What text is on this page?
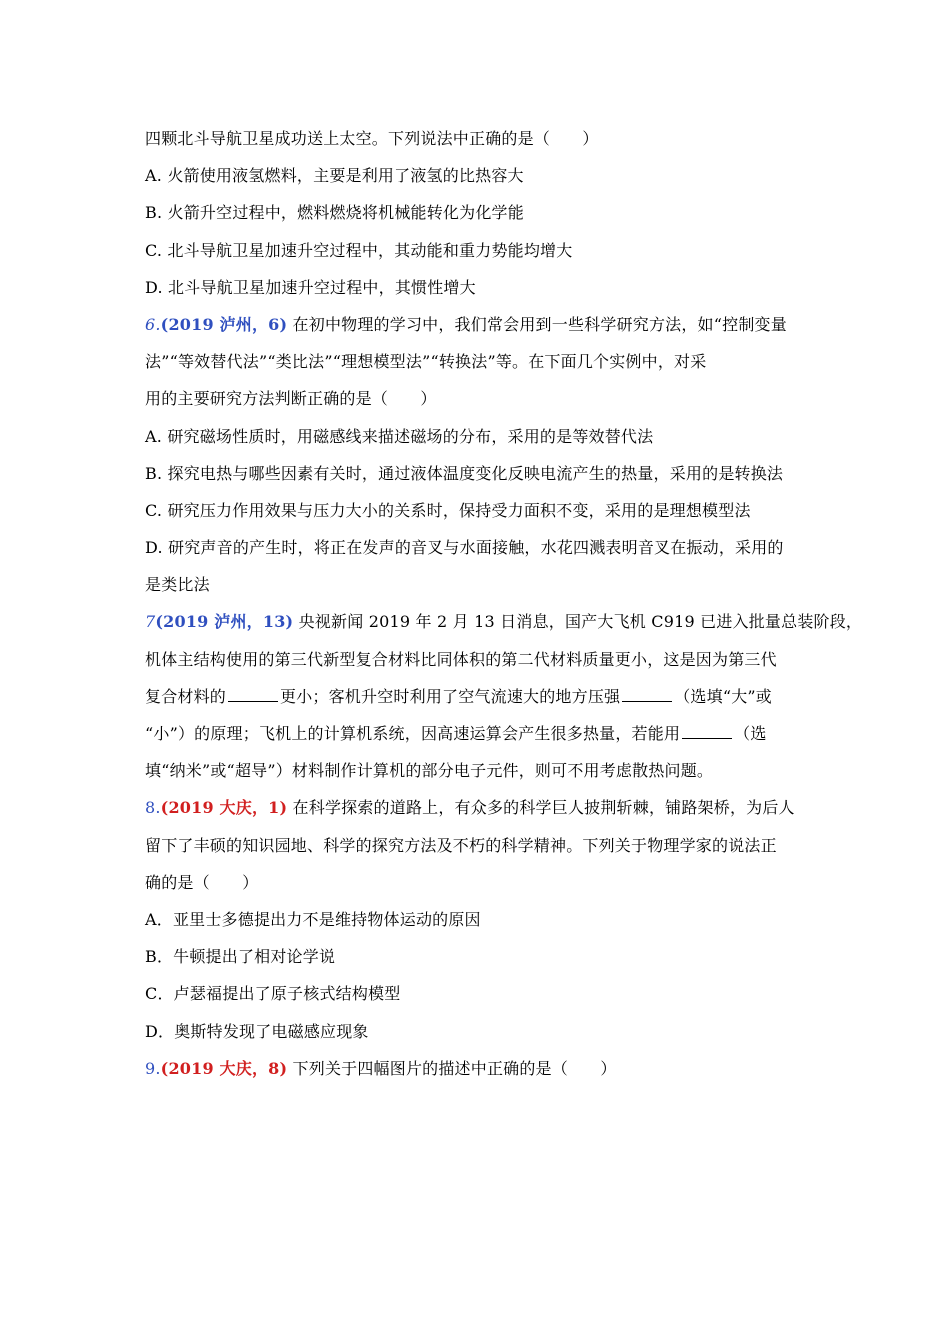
四颗北斗导航卫星成功送上太空。下列说法中正确的是（　　）
A. 火箭使用液氢燃料，主要是利用了液氢的比热容大
B. 火箭升空过程中，燃料燃烧将机械能转化为化学能
C. 北斗导航卫星加速升空过程中，其动能和重力势能均增大
D. 北斗导航卫星加速升空过程中，其惯性增大
6.(2019 泸州，6) 在初中物理的学习中，我们常会用到一些科学研究方法，如“控制变量
法”“等效替代法”“类比法”“理想模型法”“转换法”等。在下面几个实例中，对采
用的主要研究方法判断正确的是（　　）
A. 研究磁场性质时，用磁感线来描述磁场的分布，采用的是等效替代法
B. 探究电热与哪些因素有关时，通过液体温度变化反映电流产生的热量，采用的是转换法
C. 研究压力作用效果与压力大小的关系时，保持受力面积不变，采用的是理想模型法
D. 研究声音的产生时，将正在发声的音叉与水面接触，水花四溅表明音叉在振动，采用的
是类比法
7(2019 泸州，13) 央视新闻 2019 年 2 月 13 日消息，国产大飞机 C919 已进入批量总装阶段，
机体主结构使用的第三代新型复合材料比同体积的第二代材料质量更小，这是因为第三代
复合材料的	更小；客机升空时利用了空气流速大的地方压强	（选填“大”或
“小”）的原理；飞机上的计算机系统，因高速运算会产生很多热量，若能用	（选
填“纳米”或“超导”）材料制作计算机的部分电子元件，则可不用考虑散热问题。
8.(2019 大庆，1) 在科学探索的道路上，有众多的科学巨人披荆斩棘，铺路架桥，为后人
留下了丰硕的知识园地、科学的探究方法及不朽的科学精神。下列关于物理学家的说法正
确的是（　　）
A．亚里士多德提出力不是维持物体运动的原因
B．牛顿提出了相对论学说
C．卢瑟福提出了原子核式结构模型
D．奥斯特发现了电磁感应现象
9.(2019 大庆，8) 下列关于四幅图片的描述中正确的是（　　）
